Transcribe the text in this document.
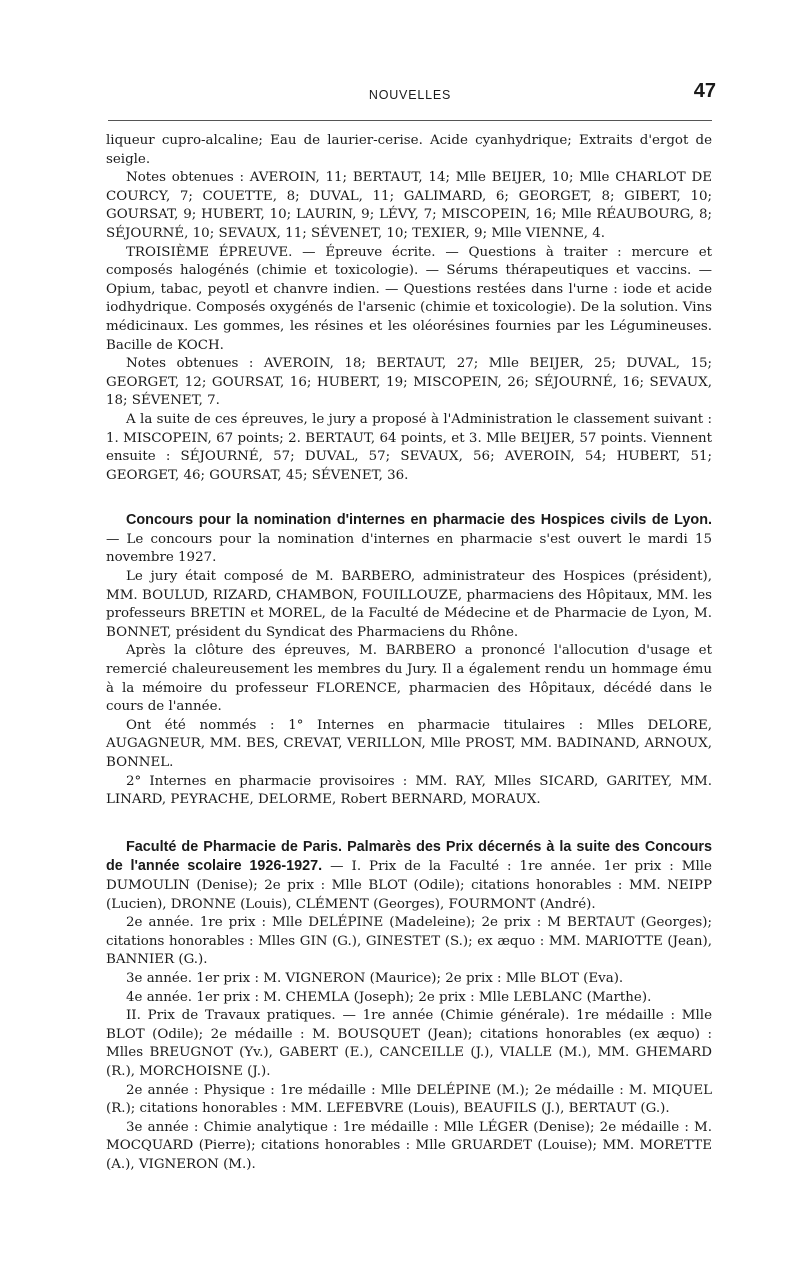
NOUVELLES	47

liqueur cupro-alcaline; Eau de laurier-cerise. Acide cyanhydrique; Extraits d'ergot de seigle.

Notes obtenues : AVEROIN, 11; BERTAUT, 14; Mlle BEIJER, 10; Mlle CHARLOT DE COURCY, 7; COUETTE, 8; DUVAL, 11; GALIMARD, 6; GEORGET, 8; GIBERT, 10; GOURSAT, 9; HUBERT, 10; LAURIN, 9; LÉVY, 7; MISCOPEIN, 16; Mlle RÉAUBOURG, 8; SÉJOURNÉ, 10; SEVAUX, 11; SÉVENET, 10; TEXIER, 9; Mlle VIENNE, 4.

TROISIÈME ÉPREUVE. — Épreuve écrite. — Questions à traiter : mercure et composés halogénés (chimie et toxicologie). — Sérums thérapeutiques et vaccins. — Opium, tabac, peyotl et chanvre indien. — Questions restées dans l'urne : iode et acide iodhydrique. Composés oxygénés de l'arsenic (chimie et toxicologie). De la solution. Vins médicinaux. Les gommes, les résines et les oléorésines fournies par les Légumineuses. Bacille de KOCH.

Notes obtenues : AVEROIN, 18; BERTAUT, 27; Mlle BEIJER, 25; DUVAL, 15; GEORGET, 12; GOURSAT, 16; HUBERT, 19; MISCOPEIN, 26; SÉJOURNÉ, 16; SEVAUX, 18; SÉVENET, 7.

A la suite de ces épreuves, le jury a proposé à l'Administration le classement suivant : 1. MISCOPEIN, 67 points; 2. BERTAUT, 64 points, et 3. Mlle BEIJER, 57 points. Viennent ensuite : SÉJOURNÉ, 57; DUVAL, 57; SEVAUX, 56; AVEROIN, 54; HUBERT, 51; GEORGET, 46; GOURSAT, 45; SÉVENET, 36.

Concours pour la nomination d'internes en pharmacie des Hospices civils de Lyon. — Le concours pour la nomination d'internes en pharmacie s'est ouvert le mardi 15 novembre 1927.

Le jury était composé de M. BARBERO, administrateur des Hospices (président), MM. BOULUD, RIZARD, CHAMBON, FOUILLOUZE, pharmaciens des Hôpitaux, MM. les professeurs BRETIN et MOREL, de la Faculté de Médecine et de Pharmacie de Lyon, M. BONNET, président du Syndicat des Pharmaciens du Rhône.

Après la clôture des épreuves, M. BARBERO a prononcé l'allocution d'usage et remercié chaleureusement les membres du Jury. Il a également rendu un hommage ému à la mémoire du professeur FLORENCE, pharmacien des Hôpitaux, décédé dans le cours de l'année.

Ont été nommés : 1° Internes en pharmacie titulaires : Mlles DELORE, AUGAGNEUR, MM. BES, CREVAT, VERILLON, Mlle PROST, MM. BADINAND, ARNOUX, BONNEL.

2° Internes en pharmacie provisoires : MM. RAY, Mlles SICARD, GARITEY, MM. LINARD, PEYRACHE, DELORME, Robert BERNARD, MORAUX.

Faculté de Pharmacie de Paris. Palmarès des Prix décernés à la suite des Concours de l'année scolaire 1926-1927. — I. Prix de la Faculté : 1re année. 1er prix : Mlle DUMOULIN (Denise); 2e prix : Mlle BLOT (Odile); citations honorables : MM. NEIPP (Lucien), DRONNE (Louis), CLÉMENT (Georges), FOURMONT (André).

2e année. 1re prix : Mlle DELÉPINE (Madeleine); 2e prix : M BERTAUT (Georges); citations honorables : Mlles GIN (G.), GINESTET (S.); ex æquo : MM. MARIOTTE (Jean), BANNIER (G.).

3e année. 1er prix : M. VIGNERON (Maurice); 2e prix : Mlle BLOT (Eva).

4e année. 1er prix : M. CHEMLA (Joseph); 2e prix : Mlle LEBLANC (Marthe).

II. Prix de Travaux pratiques. — 1re année (Chimie générale). 1re médaille : Mlle BLOT (Odile); 2e médaille : M. BOUSQUET (Jean); citations honorables (ex æquo) : Mlles BREUGNOT (Yv.), GABERT (E.), CANCEILLE (J.), VIALLE (M.), MM. GHEMARD (R.), MORCHOISNE (J.).

2e année : Physique : 1re médaille : Mlle DELÉPINE (M.); 2e médaille : M. MIQUEL (R.); citations honorables : MM. LEFEBVRE (Louis), BEAUFILS (J.), BERTAUT (G.).

3e année : Chimie analytique : 1re médaille : Mlle LÉGER (Denise); 2e médaille : M. MOCQUARD (Pierre); citations honorables : Mlle GRUARDET (Louise); MM. MORETTE (A.), VIGNERON (M.).
